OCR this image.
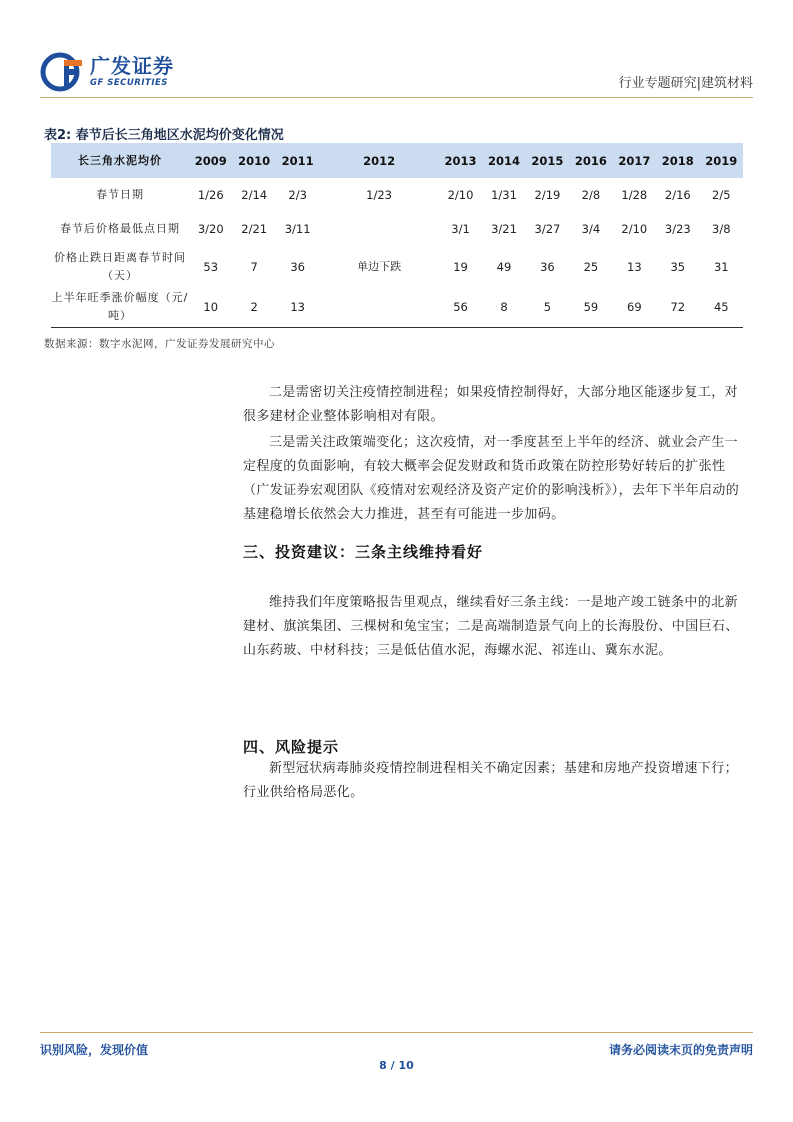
广发证券
GF SECURITIES	行业专题研究|建筑材料
表2: 春节后长三角地区水泥均价变化情况
长三角水泥均价	2009	2010	2011	2012	2013	2014	2015	2016	2017	2018	2019
春节日期	1/26	2/14	2/3	1/23	2/10	1/31	2/19	2/8	1/28	2/16	2/5
春节后价格最低点日期	3/20	2/21	3/11		3/1	3/21	3/27	3/4	2/10	3/23	3/8
价格止跌日距离春节时间（天）	53	7	36	单边下跌	19	49	36	25	13	35	31
上半年旺季涨价幅度（元/吨）	10	2	13		56	8	5	59	69	72	45
数据来源：数字水泥网，广发证券发展研究中心
二是需密切关注疫情控制进程；如果疫情控制得好，大部分地区能逐步复工，对很多建材企业整体影响相对有限。
三是需关注政策端变化；这次疫情，对一季度甚至上半年的经济、就业会产生一定程度的负面影响，有较大概率会促发财政和货币政策在防控形势好转后的扩张性（广发证券宏观团队《疫情对宏观经济及资产定价的影响浅析》），去年下半年启动的基建稳增长依然会大力推进，甚至有可能进一步加码。
三、投资建议：三条主线维持看好
维持我们年度策略报告里观点，继续看好三条主线：一是地产竣工链条中的北新建材、旗滨集团、三棵树和兔宝宝；二是高端制造景气向上的长海股份、中国巨石、山东药玻、中材科技；三是低估值水泥，海螺水泥、祁连山、冀东水泥。
四、风险提示
新型冠状病毒肺炎疫情控制进程相关不确定因素；基建和房地产投资增速下行；行业供给格局恶化。
识别风险，发现价值	请务必阅读末页的免责声明
8 / 10
